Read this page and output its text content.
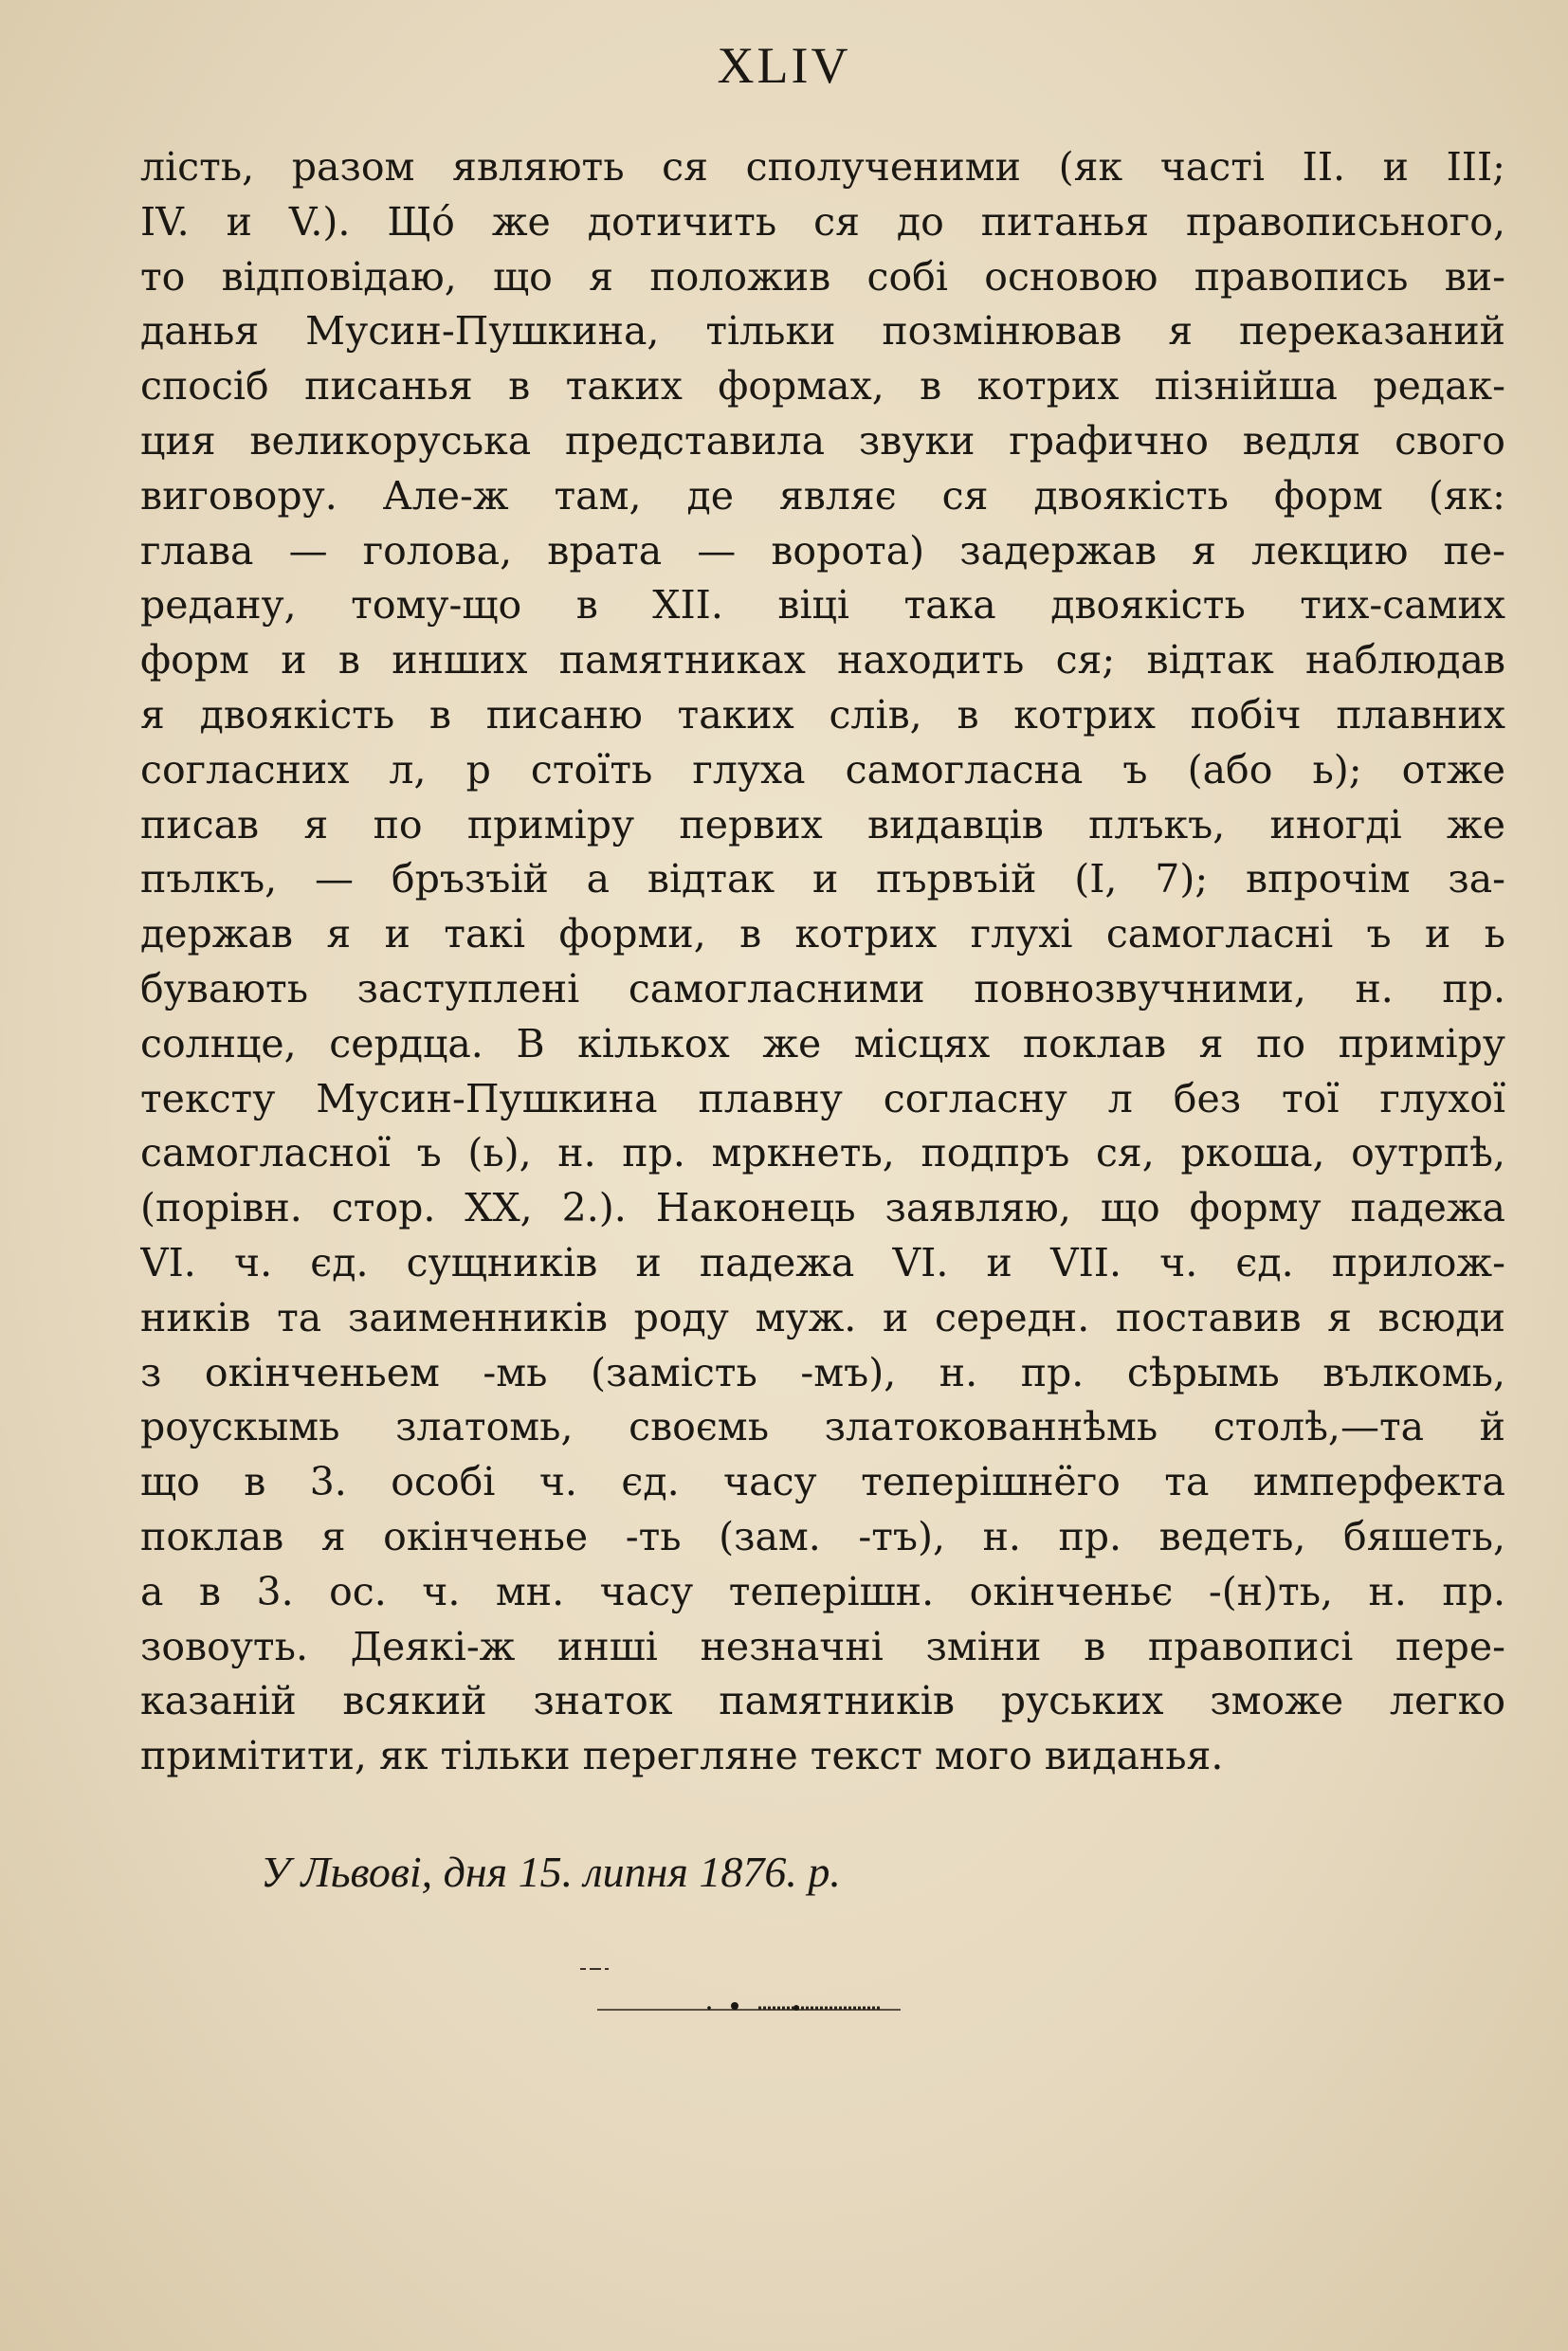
XLIV
лість, разом являють ся сполученими (як часті II. и III;
IV. и V.). Щó же дотичить ся до питанья правописьного,
то відповідаю, що я положив собі основою правопись ви-
данья Мусин-Пушкина, тільки позмінював я переказаний
спосіб писанья в таких формах, в котрих пізнійша редак-
ция великоруська представила звуки графично ведля свого
виговору. Але-ж там, де являє ся двоякість форм (як:
глава — голова, врата — ворота) задержав я лекцию пе-
редану, тому-що в XII. віці така двоякість тих-самих
форм и в инших памятниках находить ся; відтак наблюдав
я двоякість в писаню таких слів, в котрих побіч плавних
согласних л, р стоїть глуха самогласна ъ (або ь); отже
писав я по приміру первих видавців плъкъ, иногді же
пълкъ, — бръзъій а відтак и първъій (I, 7); впрочім за-
держав я и такі форми, в котрих глухі самогласні ъ и ь
бувають заступлені самогласними повнозвучними, н. пр.
солнце, сердца. В кількох же місцях поклав я по приміру
тексту Мусин-Пушкина плавну согласну л без тої глухої
самогласної ъ (ь), н. пр. мркнеть, подпръ ся, ркоша, оутрпѣ,
(порівн. стор. XX, 2.). Наконець заявляю, що форму падежа
VI. ч. єд. сущників и падежа VI. и VII. ч. єд. прилож-
ників та заименників роду муж. и середн. поставив я всюди
з окінченьем -мь (замість -мъ), н. пр. сѣрымь вълкомь,
роускымь златомь, своємь златокованнѣмь столѣ,—та й
що в 3. особі ч. єд. часу теперішнёго та имперфекта
поклав я окінченье -ть (зам. -тъ), н. пр. ведеть, бяшеть,
а в 3. ос. ч. мн. часу теперішн. окінченьє -(н)ть, н. пр.
зовоуть. Деякі-ж инші незначні зміни в правописі пере-
казаній всякий знаток памятників руських зможе легко
примітити, як тільки перегляне текст мого виданья.
У Львові, дня 15. липня 1876. р.
